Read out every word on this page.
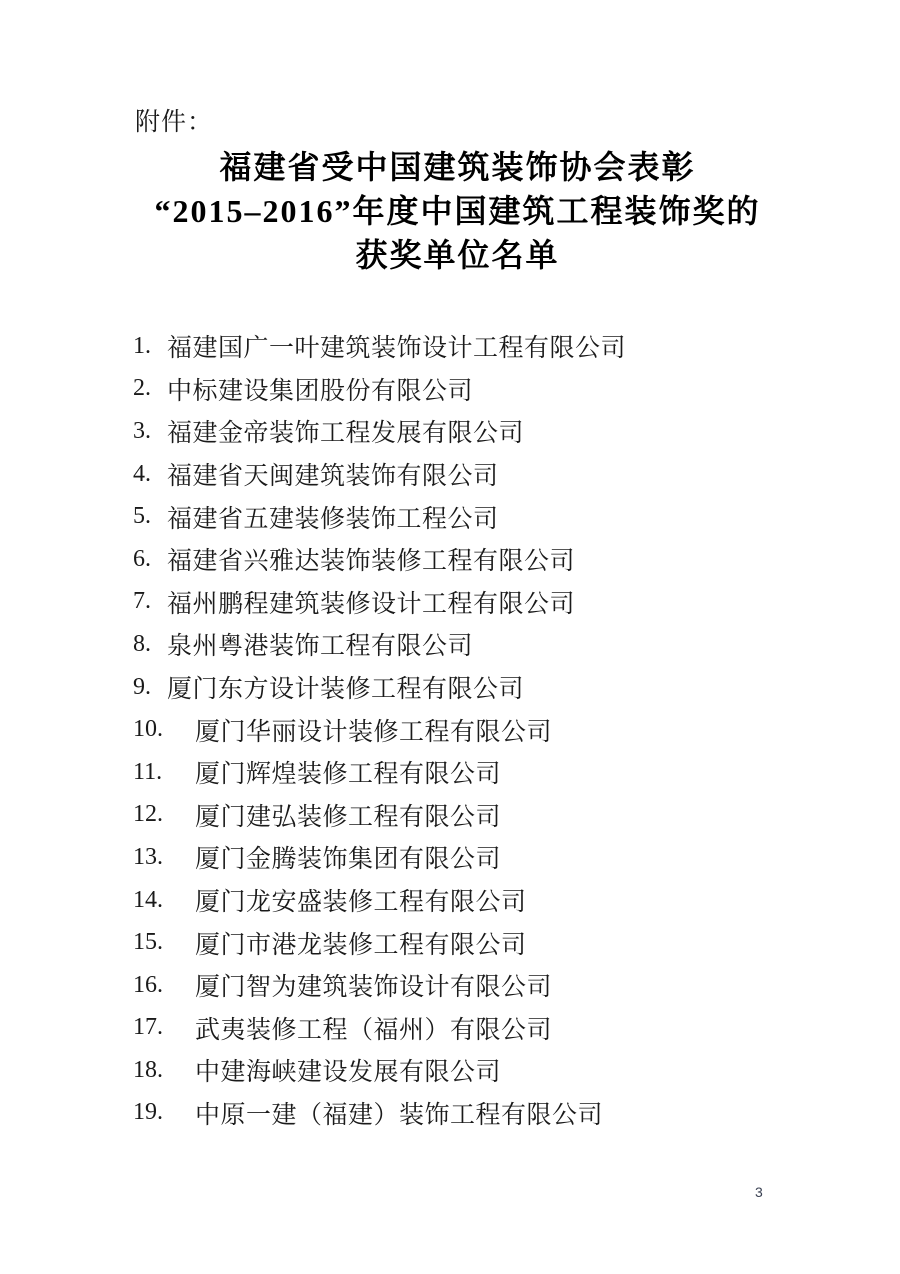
附件：
福建省受中国建筑装饰协会表彰
“2015–2016”年度中国建筑工程装饰奖的
获奖单位名单
1. 福建国广一叶建筑装饰设计工程有限公司
2. 中标建设集团股份有限公司
3. 福建金帝装饰工程发展有限公司
4. 福建省天闽建筑装饰有限公司
5. 福建省五建装修装饰工程公司
6. 福建省兴雅达装饰装修工程有限公司
7. 福州鹏程建筑装修设计工程有限公司
8. 泉州粤港装饰工程有限公司
9. 厦门东方设计装修工程有限公司
10.	厦门华丽设计装修工程有限公司
11.	厦门辉煌装修工程有限公司
12.	厦门建弘装修工程有限公司
13.	厦门金腾装饰集团有限公司
14.	厦门龙安盛装修工程有限公司
15.	厦门市港龙装修工程有限公司
16.	厦门智为建筑装饰设计有限公司
17.	武夷装修工程（福州）有限公司
18.	中建海峡建设发展有限公司
19.	中原一建（福建）装饰工程有限公司
3
